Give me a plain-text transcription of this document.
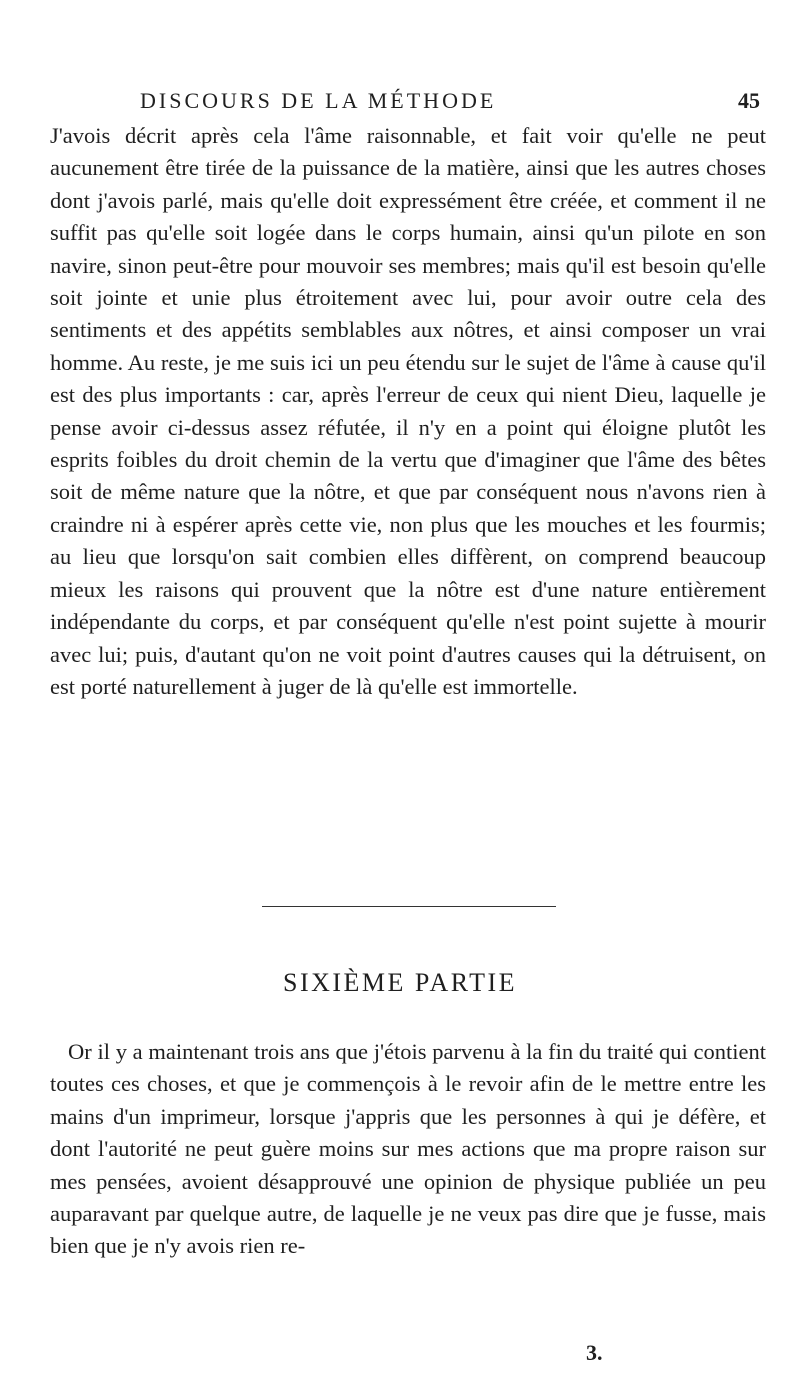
DISCOURS DE LA MÉTHODE	45

J'avois décrit après cela l'âme raisonnable, et fait voir qu'elle ne peut aucunement être tirée de la puissance de la matière, ainsi que les autres choses dont j'avois parlé, mais qu'elle doit expressément être créée, et comment il ne suffit pas qu'elle soit logée dans le corps humain, ainsi qu'un pilote en son navire, sinon peut-être pour mouvoir ses membres; mais qu'il est besoin qu'elle soit jointe et unie plus étroitement avec lui, pour avoir outre cela des sentiments et des appétits semblables aux nôtres, et ainsi composer un vrai homme. Au reste, je me suis ici un peu étendu sur le sujet de l'âme à cause qu'il est des plus importants : car, après l'erreur de ceux qui nient Dieu, laquelle je pense avoir ci-dessus assez réfutée, il n'y en a point qui éloigne plutôt les esprits foibles du droit chemin de la vertu que d'imaginer que l'âme des bêtes soit de même nature que la nôtre, et que par conséquent nous n'avons rien à craindre ni à espérer après cette vie, non plus que les mouches et les fourmis; au lieu que lorsqu'on sait combien elles diffèrent, on comprend beaucoup mieux les raisons qui prouvent que la nôtre est d'une nature entièrement indépendante du corps, et par conséquent qu'elle n'est point sujette à mourir avec lui; puis, d'autant qu'on ne voit point d'autres causes qui la détruisent, on est porté naturellement à juger de là qu'elle est immortelle.

SIXIÈME PARTIE

Or il y a maintenant trois ans que j'étois parvenu à la fin du traité qui contient toutes ces choses, et que je commençois à le revoir afin de le mettre entre les mains d'un imprimeur, lorsque j'appris que les personnes à qui je défère, et dont l'autorité ne peut guère moins sur mes actions que ma propre raison sur mes pensées, avoient désapprouvé une opinion de physique publiée un peu auparavant par quelque autre, de laquelle je ne veux pas dire que je fusse, mais bien que je n'y avois rien re-

3.
